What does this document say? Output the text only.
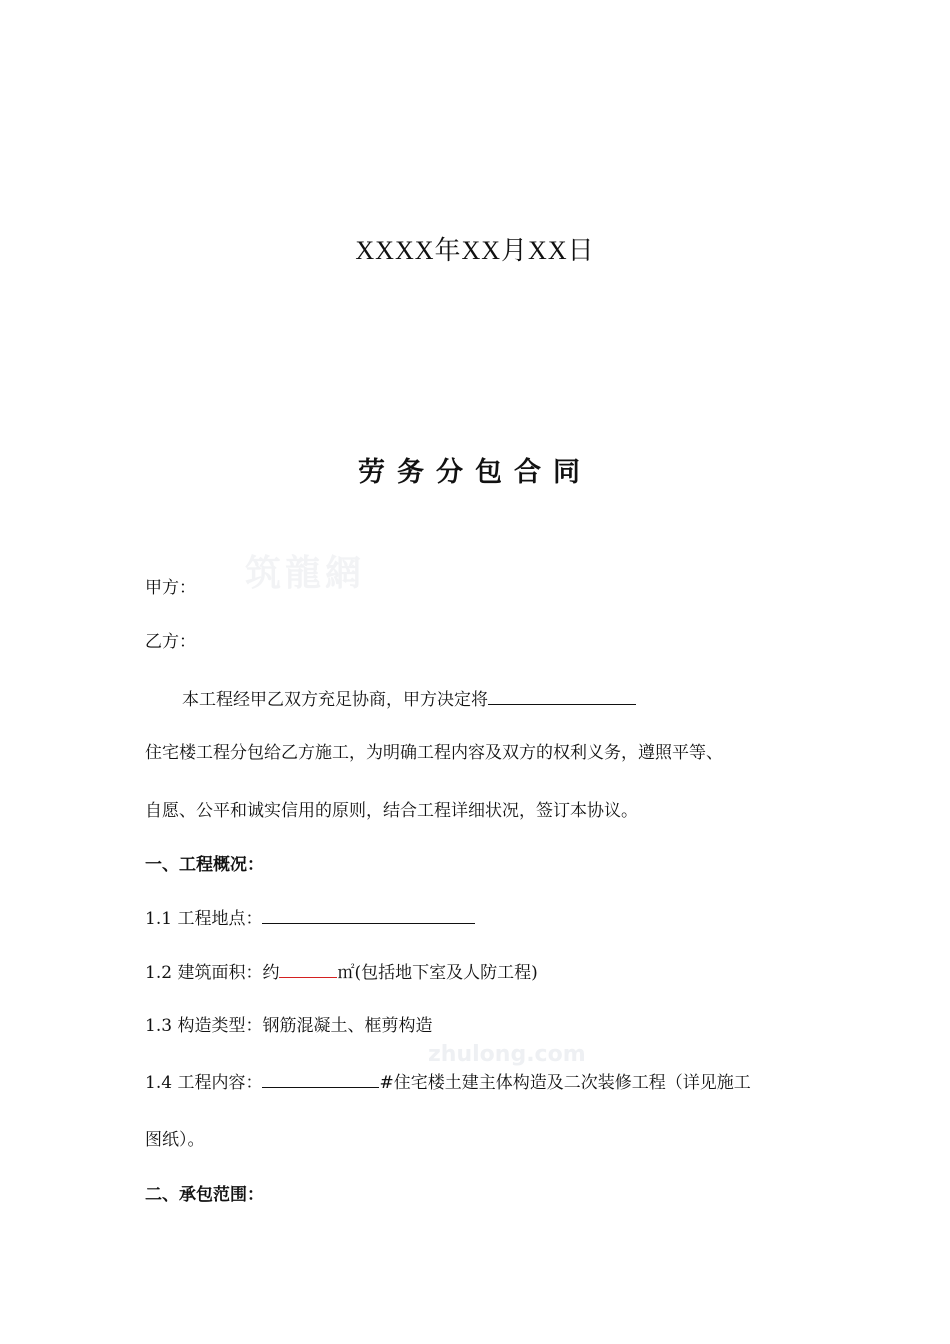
筑龍網
zhulong.com
XXXX年XX月XX日
劳务分包合同
甲方：
乙方：
本工程经甲乙双方充足协商，甲方决定将
住宅楼工程分包给乙方施工，为明确工程内容及双方的权利义务，遵照平等、
自愿、公平和诚实信用的原则，结合工程详细状况，签订本协议。
一、工程概况：
1.1 工程地点：
1.2 建筑面积：约	㎡(包括地下室及人防工程)
1.3 构造类型：钢筋混凝土、框剪构造
1.4 工程内容：	#住宅楼土建主体构造及二次装修工程（详见施工
图纸）。
二、承包范围：
